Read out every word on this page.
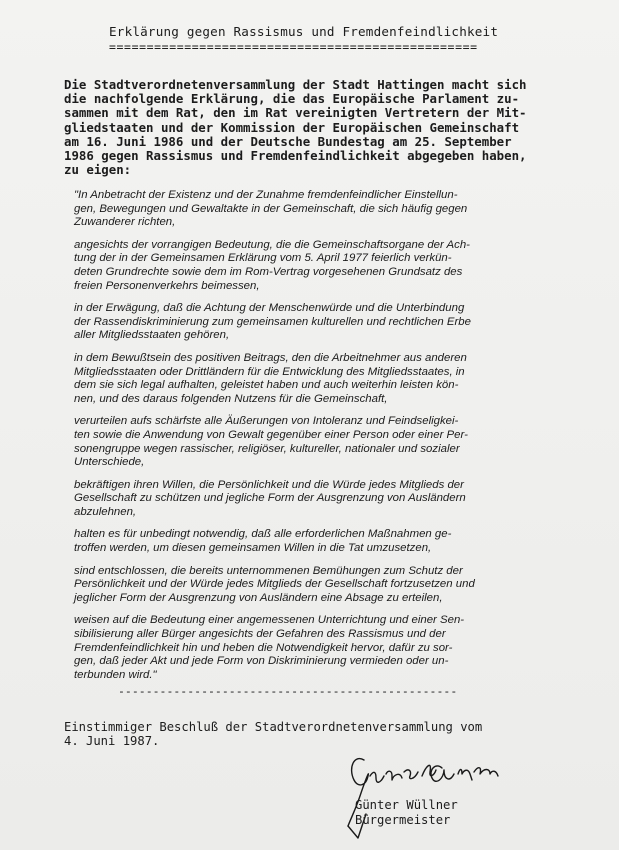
Erklärung gegen Rassismus und Fremdenfeindlichkeit
=================================================
Die Stadtverordnetenversammlung der Stadt Hattingen macht sich
die nachfolgende Erklärung, die das Europäische Parlament zu-
sammen mit dem Rat, den im Rat vereinigten Vertretern der Mit-
gliedstaaten und der Kommission der Europäischen Gemeinschaft
am 16. Juni 1986 und der Deutsche Bundestag am 25. September
1986 gegen Rassismus und Fremdenfeindlichkeit abgegeben haben,
zu eigen:
"In Anbetracht der Existenz und der Zunahme fremdenfeindlicher Einstellun-
gen, Bewegungen und Gewaltakte in der Gemeinschaft, die sich häufig gegen
Zuwanderer richten,
angesichts der vorrangigen Bedeutung, die die Gemeinschaftsorgane der Ach-
tung der in der Gemeinsamen Erklärung vom 5. April 1977 feierlich verkün-
deten Grundrechte sowie dem im Rom-Vertrag vorgesehenen Grundsatz des
freien Personenverkehrs beimessen,
in der Erwägung, daß die Achtung der Menschenwürde und die Unterbindung
der Rassendiskriminierung zum gemeinsamen kulturellen und rechtlichen Erbe
aller Mitgliedsstaaten gehören,
in dem Bewußtsein des positiven Beitrags, den die Arbeitnehmer aus anderen
Mitgliedsstaaten oder Drittländern für die Entwicklung des Mitgliedsstaates, in
dem sie sich legal aufhalten, geleistet haben und auch weiterhin leisten kön-
nen, und des daraus folgenden Nutzens für die Gemeinschaft,
verurteilen aufs schärfste alle Äußerungen von Intoleranz und Feindseligkei-
ten sowie die Anwendung von Gewalt gegenüber einer Person oder einer Per-
sonengruppe wegen rassischer, religiöser, kultureller, nationaler und sozialer
Unterschiede,
bekräftigen ihren Willen, die Persönlichkeit und die Würde jedes Mitglieds der
Gesellschaft zu schützen und jegliche Form der Ausgrenzung von Ausländern
abzulehnen,
halten es für unbedingt notwendig, daß alle erforderlichen Maßnahmen ge-
troffen werden, um diesen gemeinsamen Willen in die Tat umzusetzen,
sind entschlossen, die bereits unternommenen Bemühungen zum Schutz der
Persönlichkeit und der Würde jedes Mitglieds der Gesellschaft fortzusetzen und
jeglicher Form der Ausgrenzung von Ausländern eine Absage zu erteilen,
weisen auf die Bedeutung einer angemessenen Unterrichtung und einer Sen-
sibilisierung aller Bürger angesichts der Gefahren des Rassismus und der
Fremdenfeindlichkeit hin und heben die Notwendigkeit hervor, dafür zu sor-
gen, daß jeder Akt und jede Form von Diskriminierung vermieden oder un-
terbunden wird."
-------------------------------------------------
Einstimmiger Beschluß der Stadtverordnetenversammlung vom
4. Juni 1987.
Günter Wüllner
Bürgermeister
